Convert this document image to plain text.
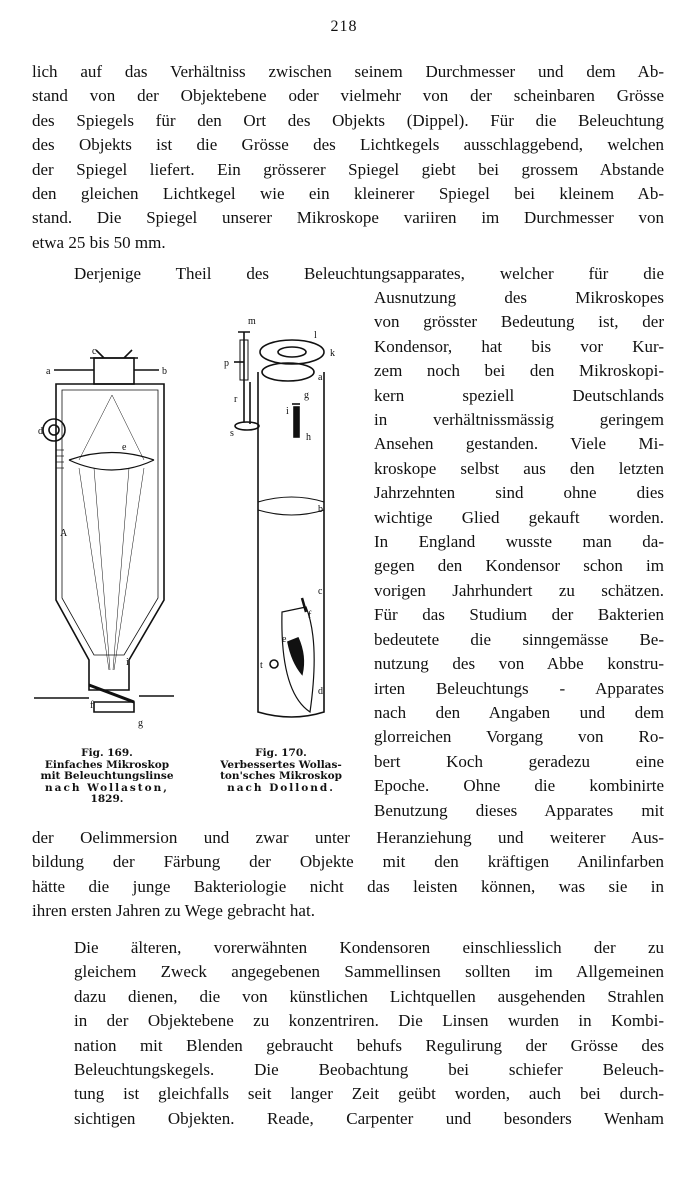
218
lich auf das Verhältniss zwischen seinem Durchmesser und dem Ab-
stand von der Objektebene oder vielmehr von der scheinbaren Grösse
des Spiegels für den Ort des Objekts (Dippel). Für die Beleuchtung
des Objekts ist die Grösse des Lichtkegels ausschlaggebend, welchen
der Spiegel liefert. Ein grösserer Spiegel giebt bei grossem Abstande
den gleichen Lichtkegel wie ein kleinerer Spiegel bei kleinem Ab-
stand. Die Spiegel unserer Mikroskope variiren im Durchmesser von
etwa 25 bis 50 mm.
Derjenige Theil des Beleuchtungsapparates, welcher für die
Ausnutzung des Mikroskopes
von grösster Bedeutung ist, der
Kondensor, hat bis vor Kur-
zem noch bei den Mikroskopi-
kern speziell Deutschlands
in verhältnissmässig geringem
Ansehen gestanden. Viele Mi-
kroskope selbst aus den letzten
Jahrzehnten sind ohne dies
wichtige Glied gekauft worden.
In England wusste man da-
gegen den Kondensor schon im
vorigen Jahrhundert zu schätzen.
Für das Studium der Bakterien
bedeutete die sinngemässe Be-
nutzung des von Abbe konstru-
irten Beleuchtungs - Apparates
nach den Angaben und dem
glorreichen Vorgang von Ro-
bert Koch geradezu eine
Epoche. Ohne die kombinirte
Benutzung dieses Apparates mit
der Oelimmersion und zwar unter Heranziehung und weiterer Aus-
bildung der Färbung der Objekte mit den kräftigen Anilinfarben
hätte die junge Bakteriologie nicht das leisten können, was sie in
ihren ersten Jahren zu Wege gebracht hat.
Die älteren, vorerwähnten Kondensoren einschliesslich der zu
gleichem Zweck angegebenen Sammellinsen sollten im Allgemeinen
dazu dienen, die von künstlichen Lichtquellen ausgehenden Strahlen
in der Objektebene zu konzentriren. Die Linsen wurden in Kombi-
nation mit Blenden gebraucht behufs Regulirung der Grösse des
Beleuchtungskegels. Die Beobachtung bei schiefer Beleuch-
tung ist gleichfalls seit langer Zeit geübt worden, auch bei durch-
sichtigen Objekten. Reade, Carpenter und besonders Wenham
a	b
c
d
e
A
i
f
g
Fig. 169.
Einfaches Mikroskop
mit Beleuchtungslinse
nach Wollaston,
1829.
m
l
k
p
a
g
r
i
h
s
b
c
f
e
t
d
Fig. 170.
Verbessertes Wollas-
ton'sches Mikroskop
nach Dollond.
